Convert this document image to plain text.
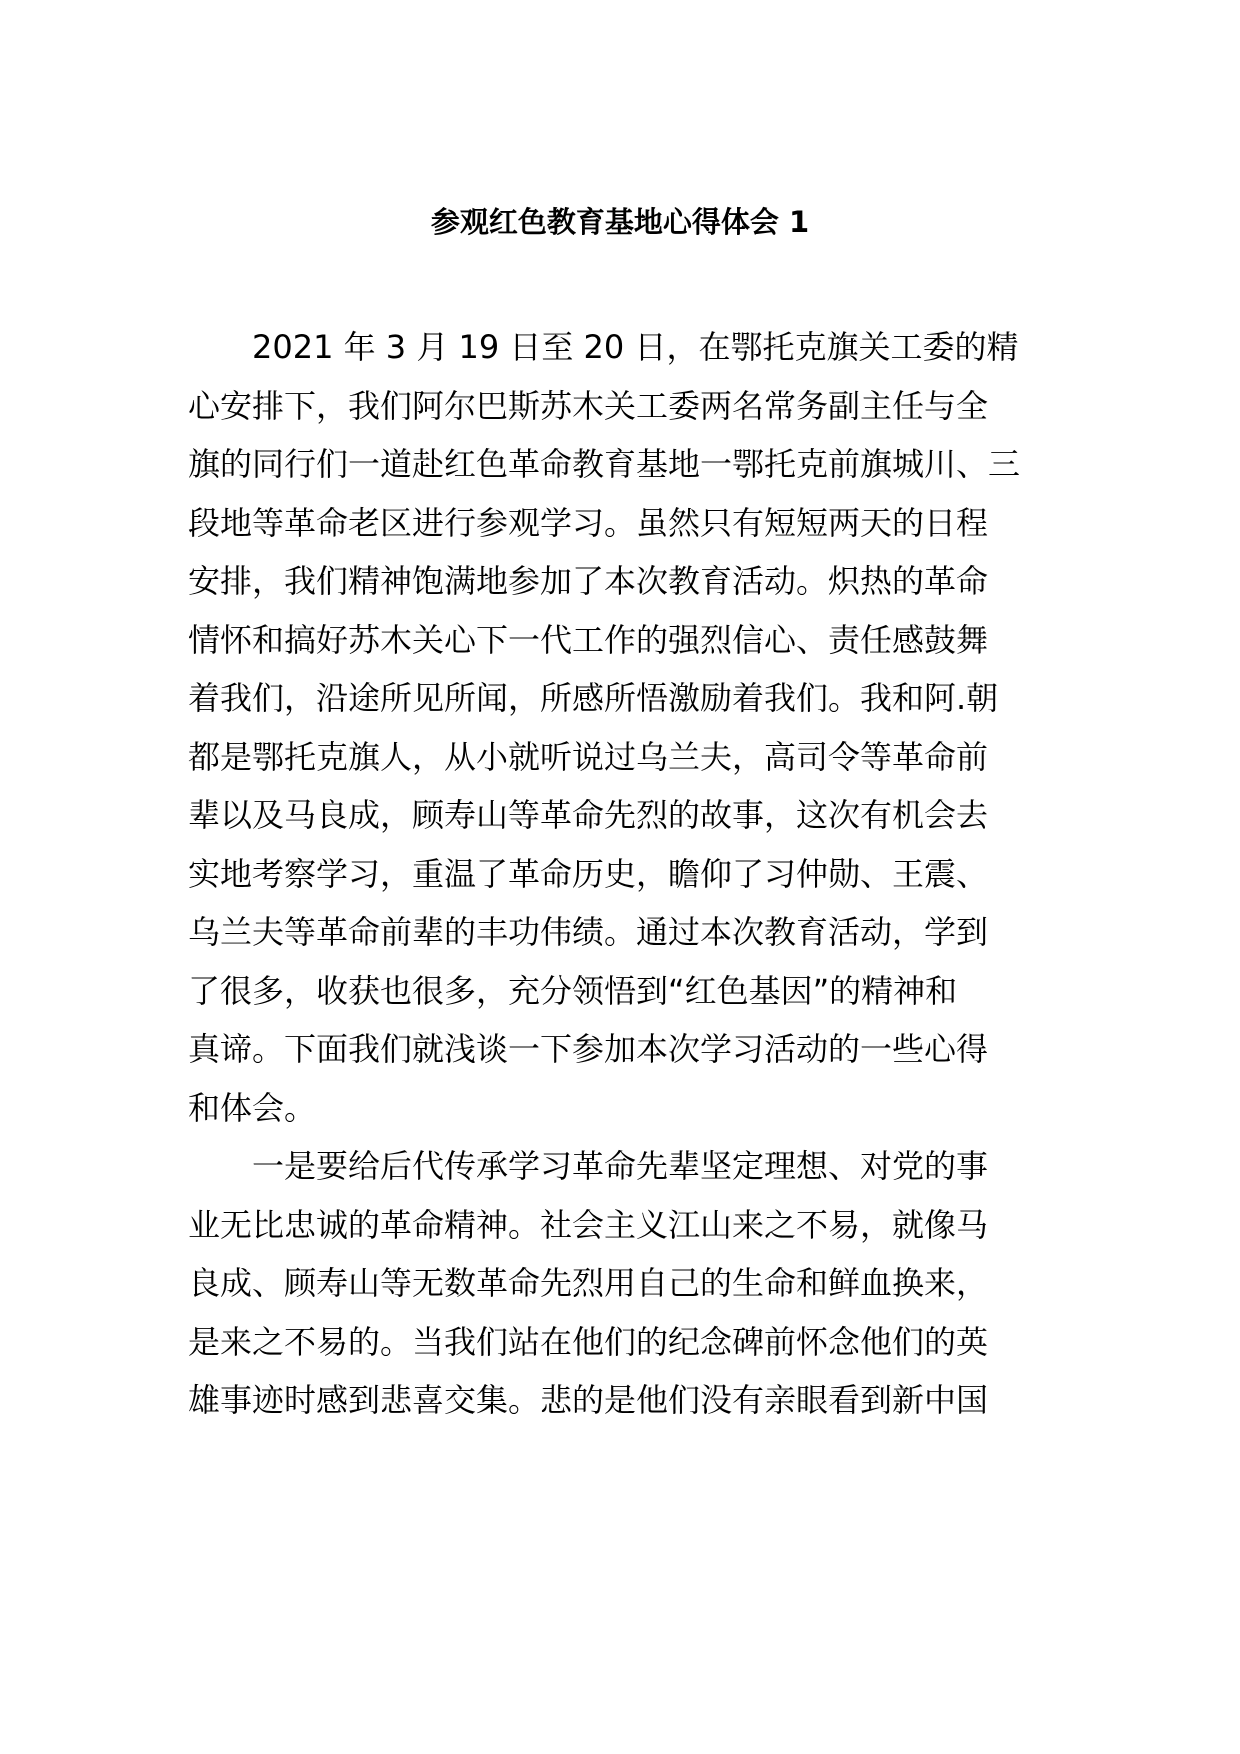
参观红色教育基地心得体会 1

2021 年 3 月 19 日至 20 日，在鄂托克旗关工委的精
心安排下，我们阿尔巴斯苏木关工委两名常务副主任与全
旗的同行们一道赴红色革命教育基地一鄂托克前旗城川、三
段地等革命老区进行参观学习。虽然只有短短两天的日程
安排，我们精神饱满地参加了本次教育活动。炽热的革命
情怀和搞好苏木关心下一代工作的强烈信心、责任感鼓舞
着我们，沿途所见所闻，所感所悟激励着我们。我和阿.朝
都是鄂托克旗人，从小就听说过乌兰夫，高司令等革命前
辈以及马良成，顾寿山等革命先烈的故事，这次有机会去
实地考察学习，重温了革命历史，瞻仰了习仲勋、王震、
乌兰夫等革命前辈的丰功伟绩。通过本次教育活动，学到
了很多，收获也很多，充分领悟到“红色基因”的精神和
真谛。下面我们就浅谈一下参加本次学习活动的一些心得
和体会。

一是要给后代传承学习革命先辈坚定理想、对党的事
业无比忠诚的革命精神。社会主义江山来之不易，就像马
良成、顾寿山等无数革命先烈用自己的生命和鲜血换来，
是来之不易的。当我们站在他们的纪念碑前怀念他们的英
雄事迹时感到悲喜交集。悲的是他们没有亲眼看到新中国
